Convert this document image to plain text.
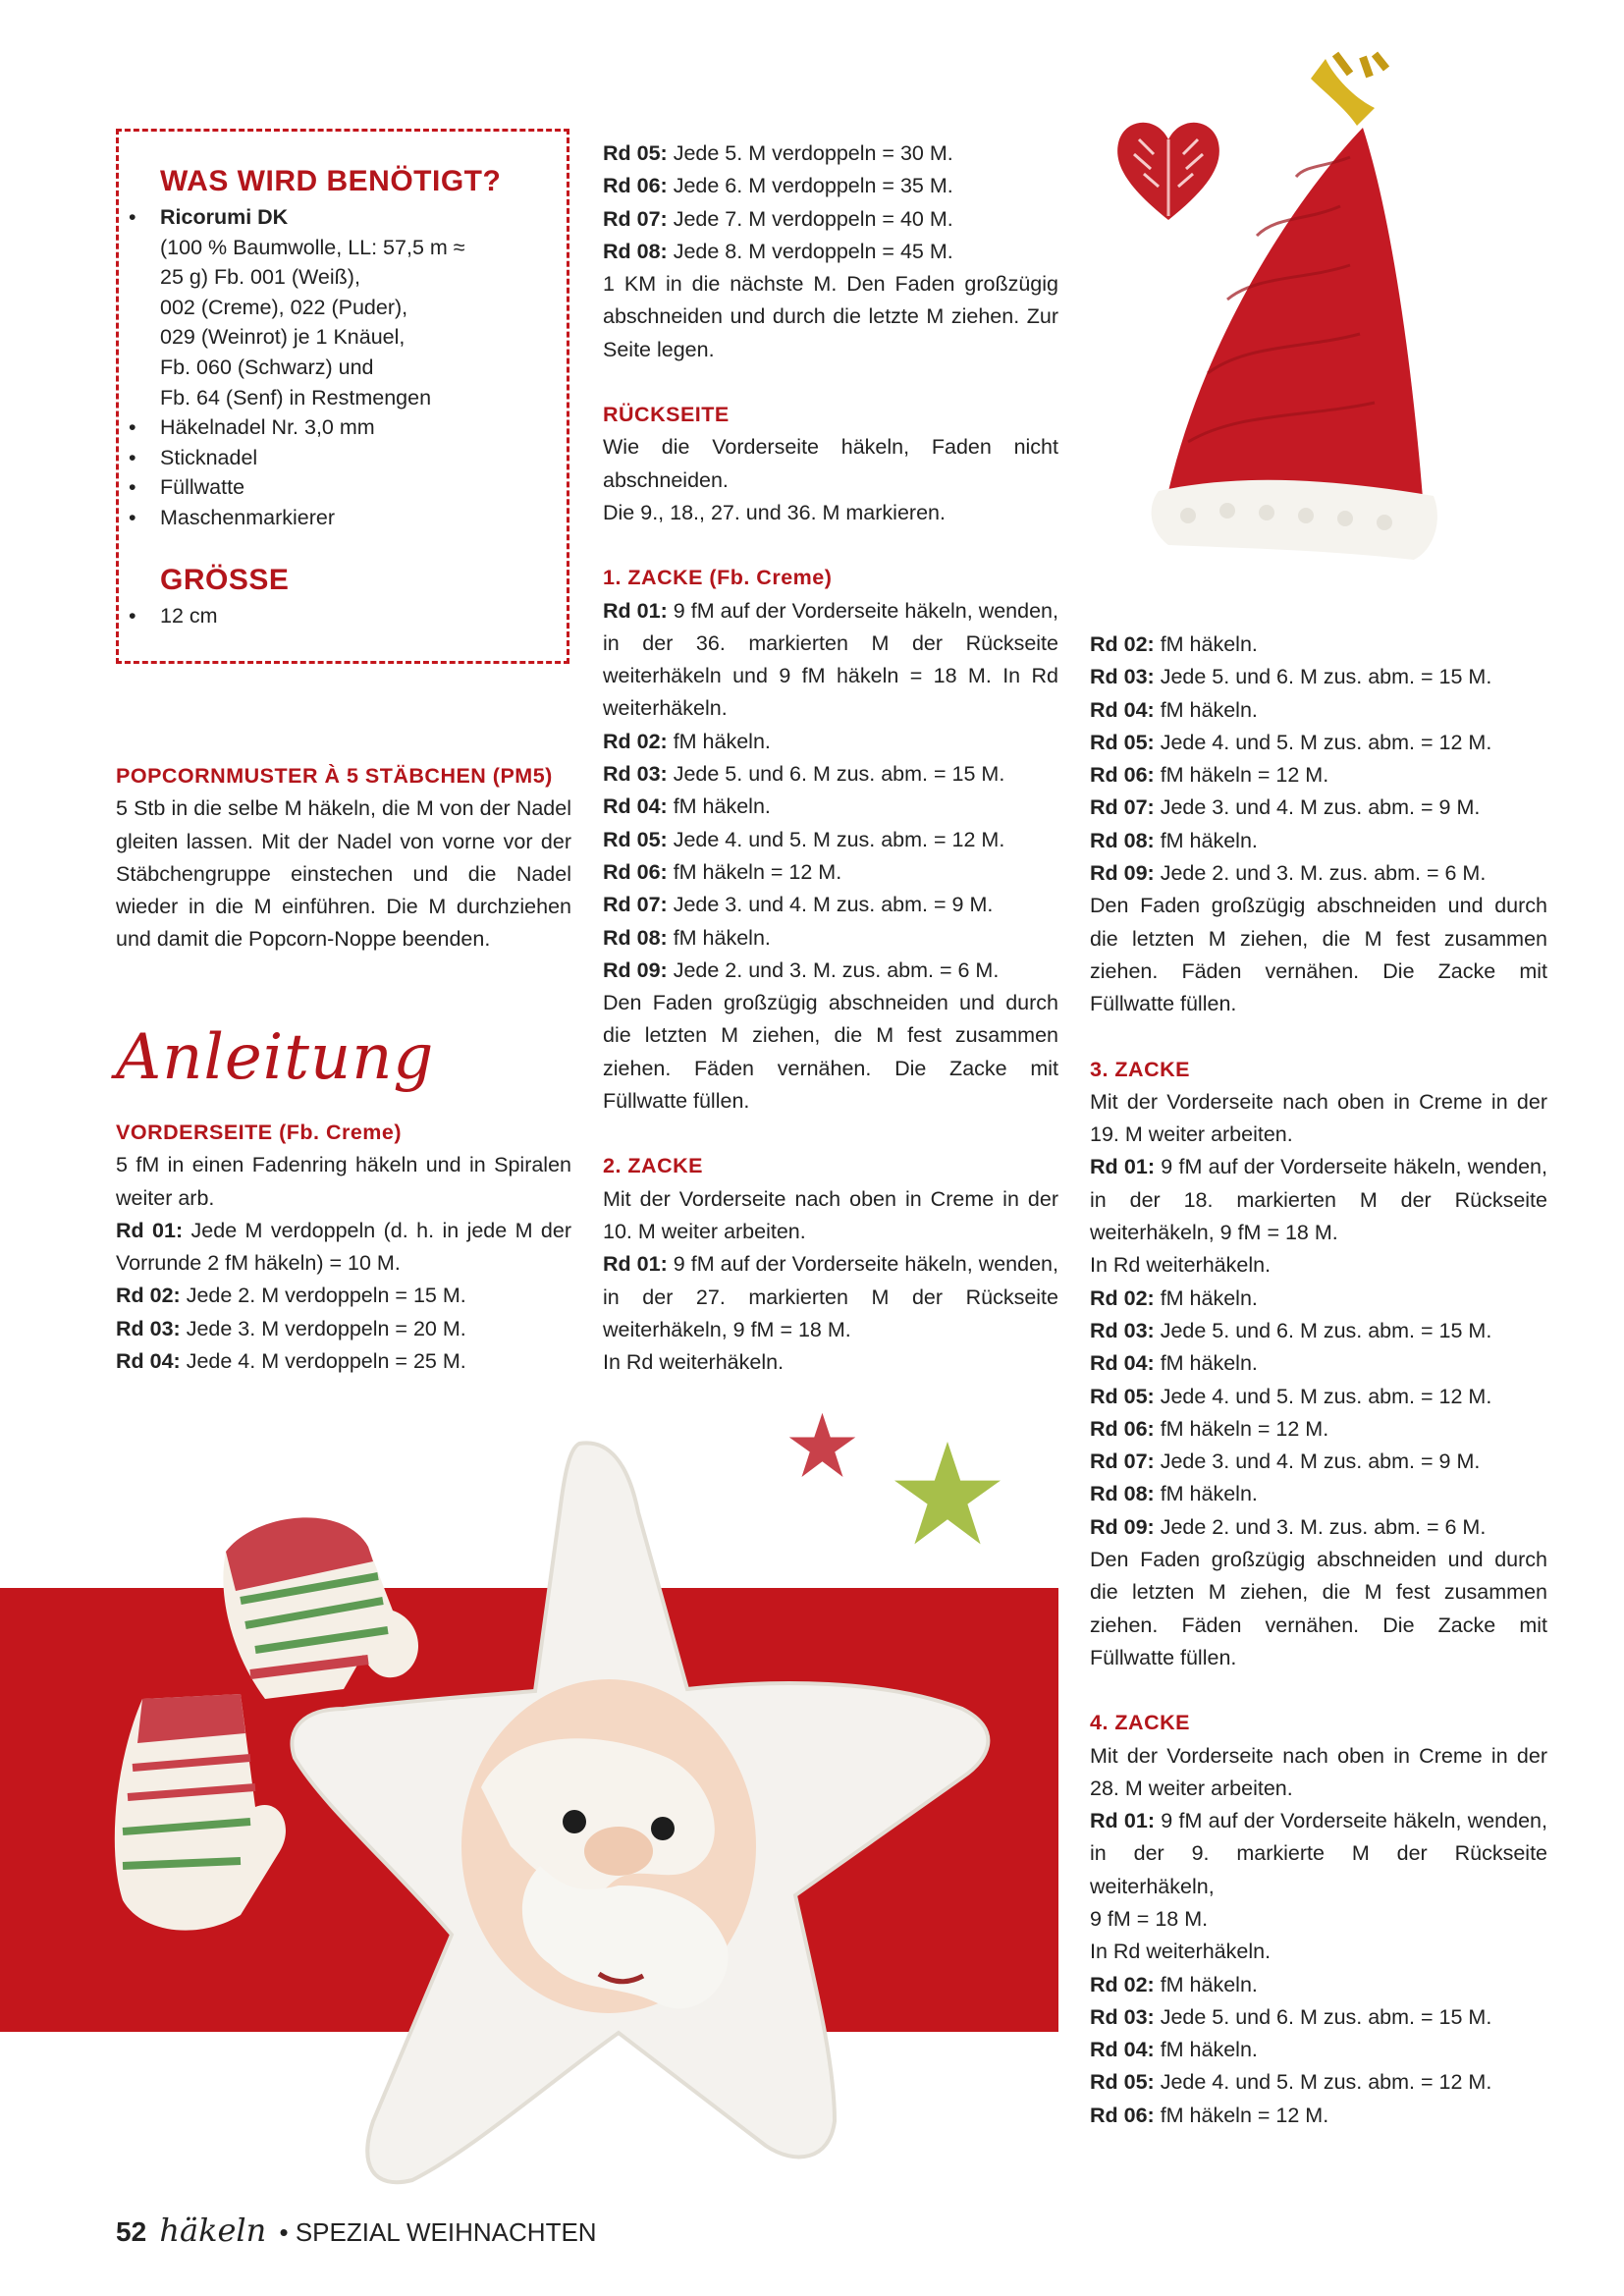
WAS WIRD BENÖTIGT?
• Ricorumi DK
(100 % Baumwolle, LL: 57,5 m ≈
25 g) Fb. 001 (Weiß),
002 (Creme), 022 (Puder),
029 (Weinrot) je 1 Knäuel,
Fb. 060 (Schwarz) und
Fb. 64 (Senf) in Restmengen
• Häkelnadel Nr. 3,0 mm
• Sticknadel
• Füllwatte
• Maschenmarkierer
GRÖSSE
• 12 cm

POPCORNMUSTER À 5 STÄBCHEN (PM5)

5 Stb in die selbe M häkeln, die M von der Nadel gleiten lassen. Mit der Nadel von vorne vor der Stäbchengruppe einstechen und die Nadel wieder in die M einführen. Die M durchziehen und damit die Popcorn-Noppe beenden.

Anleitung

VORDERSEITE (Fb. Creme)

5 fM in einen Fadenring häkeln und in Spiralen weiter arb.

Rd 01: Jede M verdoppeln (d. h. in jede M der Vorrunde 2 fM häkeln) = 10 M.

Rd 02: Jede 2. M verdoppeln = 15 M.

Rd 03: Jede 3. M verdoppeln = 20 M.

Rd 04: Jede 4. M verdoppeln = 25 M.

Rd 05: Jede 5. M verdoppeln = 30 M.

Rd 06: Jede 6. M verdoppeln = 35 M.

Rd 07: Jede 7. M verdoppeln = 40 M.

Rd 08: Jede 8. M verdoppeln = 45 M.

1 KM in die nächste M. Den Faden großzügig abschneiden und durch die letzte M ziehen. Zur Seite legen.

RÜCKSEITE

Wie die Vorderseite häkeln, Faden nicht abschneiden.

Die 9., 18., 27. und 36. M markieren.

1. ZACKE (Fb. Creme)

Rd 01: 9 fM auf der Vorderseite häkeln, wenden, in der 36. markierten M der Rückseite weiterhäkeln und 9 fM häkeln = 18 M. In Rd weiterhäkeln.

Rd 02: fM häkeln.

Rd 03: Jede 5. und 6. M zus. abm. = 15 M.

Rd 04: fM häkeln.

Rd 05: Jede 4. und 5. M zus. abm. = 12 M.

Rd 06: fM häkeln = 12 M.

Rd 07: Jede 3. und 4. M zus. abm. = 9 M.

Rd 08: fM häkeln.

Rd 09: Jede 2. und 3. M. zus. abm. = 6 M.

Den Faden großzügig abschneiden und durch die letzten M ziehen, die M fest zusammen ziehen. Fäden vernähen. Die Zacke mit Füllwatte füllen.

2. ZACKE

Mit der Vorderseite nach oben in Creme in der 10. M weiter arbeiten.

Rd 01: 9 fM auf der Vorderseite häkeln, wenden, in der 27. markierten M der Rückseite weiterhäkeln, 9 fM = 18 M.

In Rd weiterhäkeln.

Rd 02: fM häkeln.

Rd 03: Jede 5. und 6. M zus. abm. = 15 M.

Rd 04: fM häkeln.

Rd 05: Jede 4. und 5. M zus. abm. = 12 M.

Rd 06: fM häkeln = 12 M.

Rd 07: Jede 3. und 4. M zus. abm. = 9 M.

Rd 08: fM häkeln.

Rd 09: Jede 2. und 3. M. zus. abm. = 6 M.

Den Faden großzügig abschneiden und durch die letzten M ziehen, die M fest zusammen ziehen. Fäden vernähen. Die Zacke mit Füllwatte füllen.

3. ZACKE

Mit der Vorderseite nach oben in Creme in der 19. M weiter arbeiten.

Rd 01: 9 fM auf der Vorderseite häkeln, wenden, in der 18. markierten M der Rückseite weiterhäkeln, 9 fM = 18 M.

In Rd weiterhäkeln.

Rd 02: fM häkeln.

Rd 03: Jede 5. und 6. M zus. abm. = 15 M.

Rd 04: fM häkeln.

Rd 05: Jede 4. und 5. M zus. abm. = 12 M.

Rd 06: fM häkeln = 12 M.

Rd 07: Jede 3. und 4. M zus. abm. = 9 M.

Rd 08: fM häkeln.

Rd 09: Jede 2. und 3. M. zus. abm. = 6 M.

Den Faden großzügig abschneiden und durch die letzten M ziehen, die M fest zusammen ziehen. Fäden vernähen. Die Zacke mit Füllwatte füllen.

4. ZACKE

Mit der Vorderseite nach oben in Creme in der 28. M weiter arbeiten.

Rd 01: 9 fM auf der Vorderseite häkeln, wenden, in der 9. markierte M der Rückseite weiterhäkeln,

9 fM = 18 M.

In Rd weiterhäkeln.

Rd 02: fM häkeln.

Rd 03: Jede 5. und 6. M zus. abm. = 15 M.

Rd 04: fM häkeln.

Rd 05: Jede 4. und 5. M zus. abm. = 12 M.

Rd 06: fM häkeln = 12 M.

52 häkeln • SPEZIAL WEIHNACHTEN
